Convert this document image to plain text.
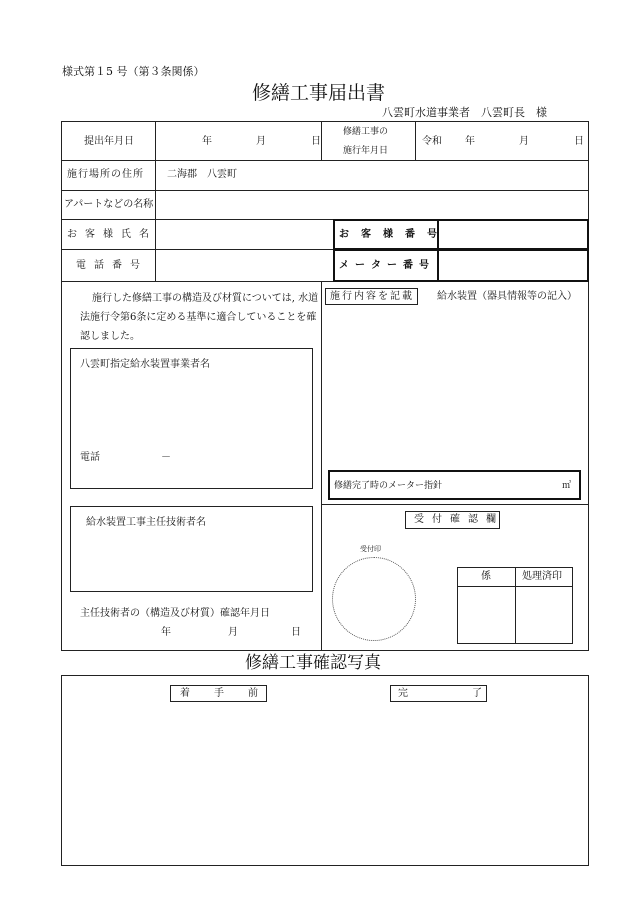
様式第１5 号（第３条関係）
修繕工事届出書
八雲町水道事業者　八雲町長　様
提出年月日	年	月	日
修繕工事の
施行年月日
令和 年	月	日
施行場所の住所 二海郡　八雲町
アパートなどの名称
お客様氏名	お客様番号
電話番号	メーター番号
施行した修繕工事の構造及び材質については, 水道
法施行令第6条に定める基準に適合していることを確
認しました。
八雲町指定給水装置事業者名
電話	－
施行内容を記載 給水装置（器具情報等の記入）
修繕完了時のメーター指針	㎥
給水装置工事主任技術者名
主任技術者の（構造及び材質）確認年月日
年	月	日
受付確認欄
受付印
係	処理済印
修繕工事確認写真
着手前	完了
